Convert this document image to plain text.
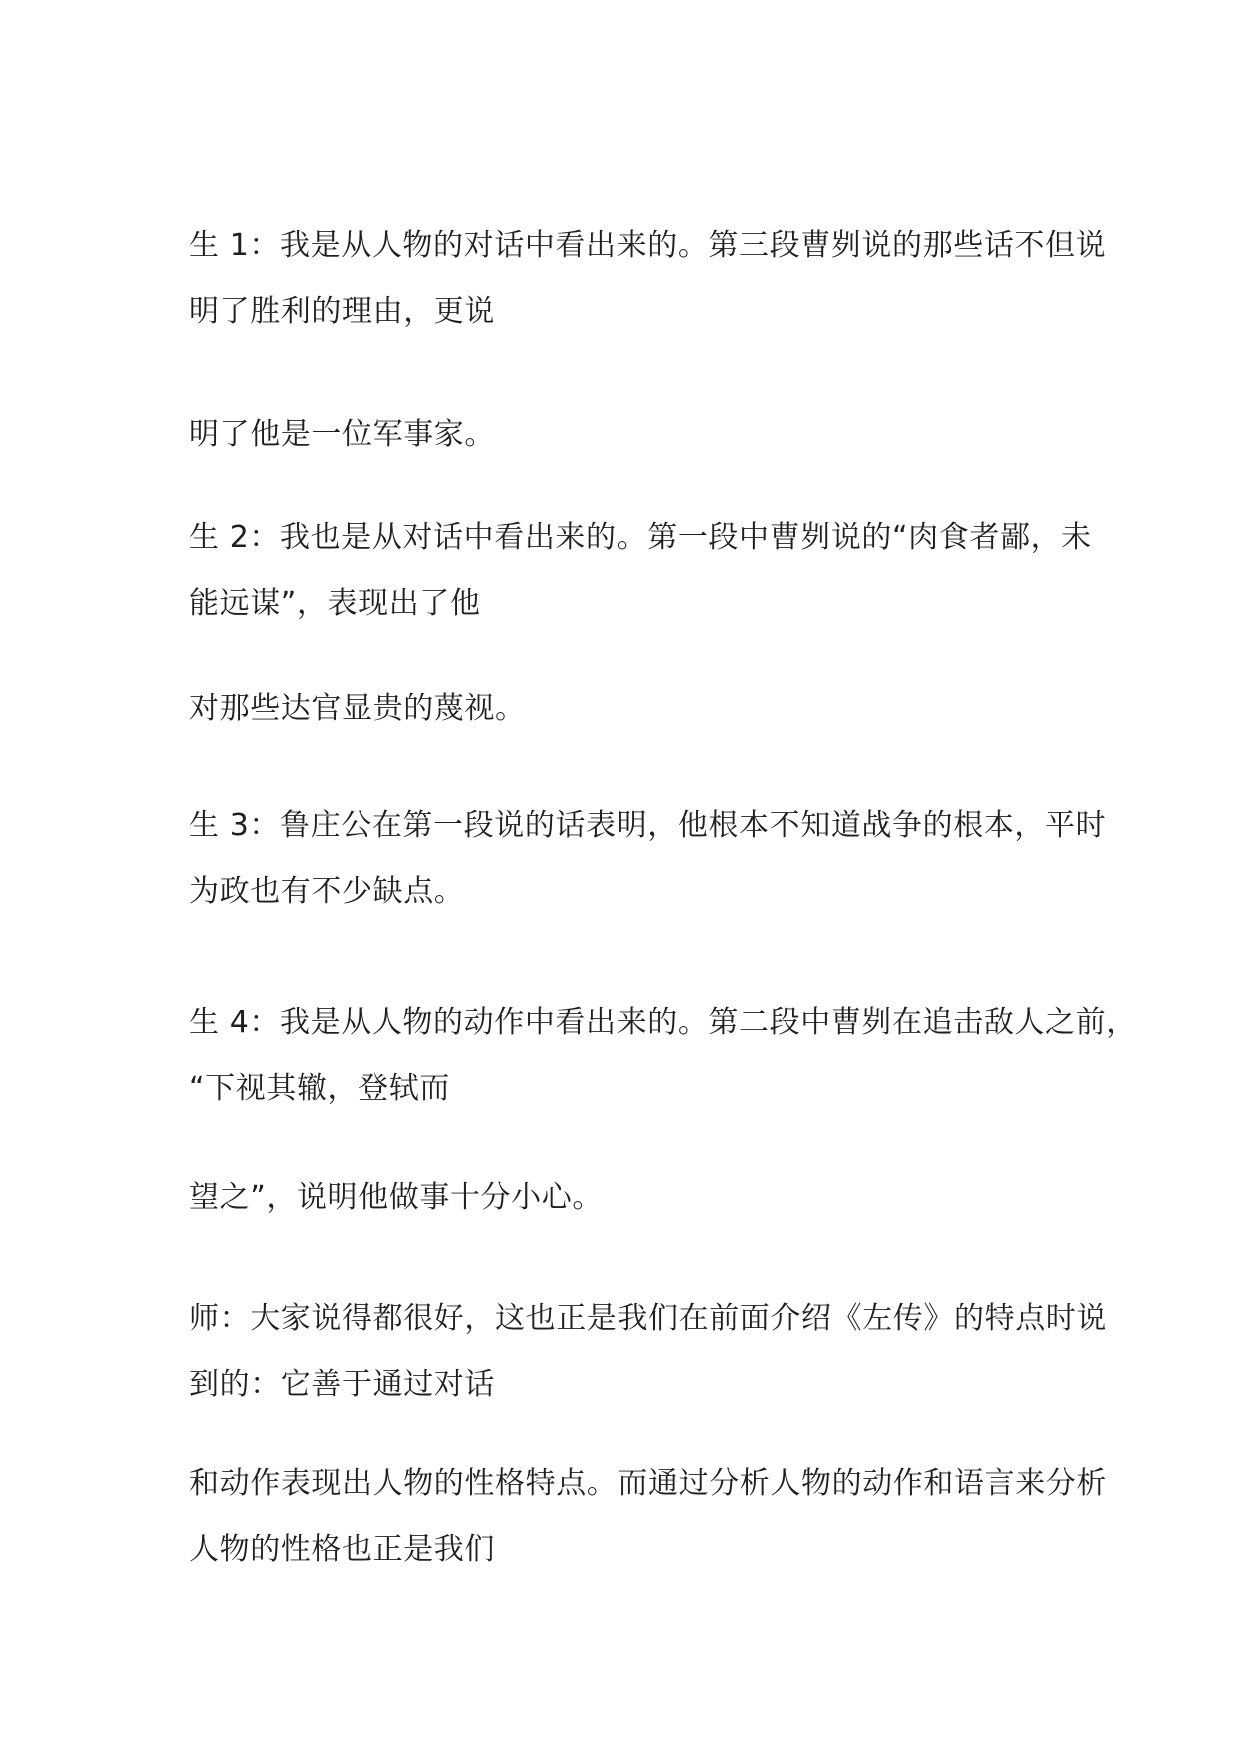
生 1：我是从人物的对话中看出来的。第三段曹刿说的那些话不但说
明了胜利的理由，更说
明了他是一位军事家。
生 2：我也是从对话中看出来的。第一段中曹刿说的“肉食者鄙，未
能远谋”，表现出了他
对那些达官显贵的蔑视。
生 3：鲁庄公在第一段说的话表明，他根本不知道战争的根本，平时
为政也有不少缺点。
生 4：我是从人物的动作中看出来的。第二段中曹刿在追击敌人之前，
“下视其辙，登轼而
望之”，说明他做事十分小心。
师：大家说得都很好，这也正是我们在前面介绍《左传》的特点时说
到的：它善于通过对话
和动作表现出人物的性格特点。而通过分析人物的动作和语言来分析
人物的性格也正是我们
